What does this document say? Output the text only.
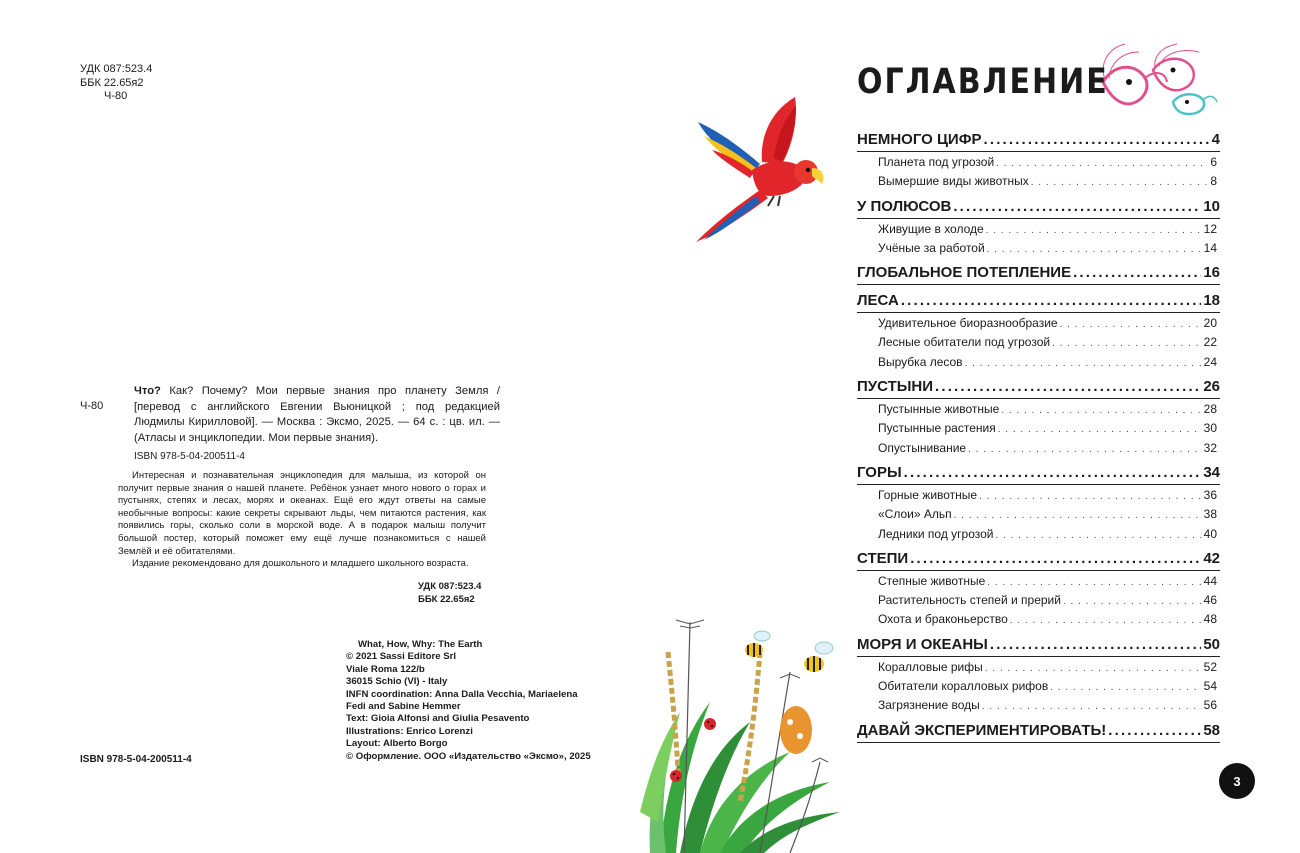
УДК 087:523.4
ББК 22.65я2
Ч-80
Ч-80
Что? Как? Почему? Мои первые знания про планету Земля / [перевод с английского Евгении Вьюницкой ; под редакцией Людмилы Кирилловой]. — Москва : Эксмо, 2025. — 64 с. : цв. ил. — (Атласы и энциклопедии. Мои первые знания).
ISBN 978-5-04-200511-4

Интересная и познавательная энциклопедия для малыша, из которой он получит первые знания о нашей планете. Ребёнок узнает много нового о горах и пустынях, степях и лесах, морях и океанах. Ещё его ждут ответы на самые необычные вопросы: какие секреты скрывают льды, чем питаются растения, как появились горы, сколько соли в морской воде. А в подарок малыш получит большой постер, который поможет ему ещё лучше познакомиться с нашей Землёй и её обитателями.

Издание рекомендовано для дошкольного и младшего школьного возраста.

УДК 087:523.4
ББК 22.65я2
What, How, Why: The Earth
© 2021 Sassi Editore Srl
Viale Roma 122/b
36015 Schio (VI) - Italy
INFN coordination: Anna Dalla Vecchia, Mariaelena
Fedi and Sabine Hemmer
Text: Gioia Alfonsi and Giulia Pesavento
Illustrations: Enrico Lorenzi
Layout: Alberto Borgo
© Оформление. ООО «Издательство «Эксмо», 2025
ISBN 978-5-04-200511-4
ОГЛАВЛЕНИЕ
НЕМНОГО ЦИФР . . .	4
Планета под угрозой . . .	6
Вымершие виды животных . . .	8
У ПОЛЮСОВ . . .	10
Живущие в холоде . . .	12
Учёные за работой . . .	14
ГЛОБАЛЬНОЕ ПОТЕПЛЕНИЕ . . .	16
ЛЕСА . . .	18
Удивительное биоразнообразие . . .	20
Лесные обитатели под угрозой . . .	22
Вырубка лесов . . .	24
ПУСТЫНИ . . .	26
Пустынные животные . . .	28
Пустынные растения . . .	30
Опустынивание . . .	32
ГОРЫ . . .	34
Горные животные . . .	36
«Слои» Альп . . .	38
Ледники под угрозой . . .	40
СТЕПИ . . .	42
Степные животные . . .	44
Растительность степей и прерий . . .	46
Охота и браконьерство . . .	48
МОРЯ И ОКЕАНЫ . . .	50
Коралловые рифы . . .	52
Обитатели коралловых рифов . . .	54
Загрязнение воды . . .	56
ДАВАЙ ЭКСПЕРИМЕНТИРОВАТЬ! . . .	58
3
